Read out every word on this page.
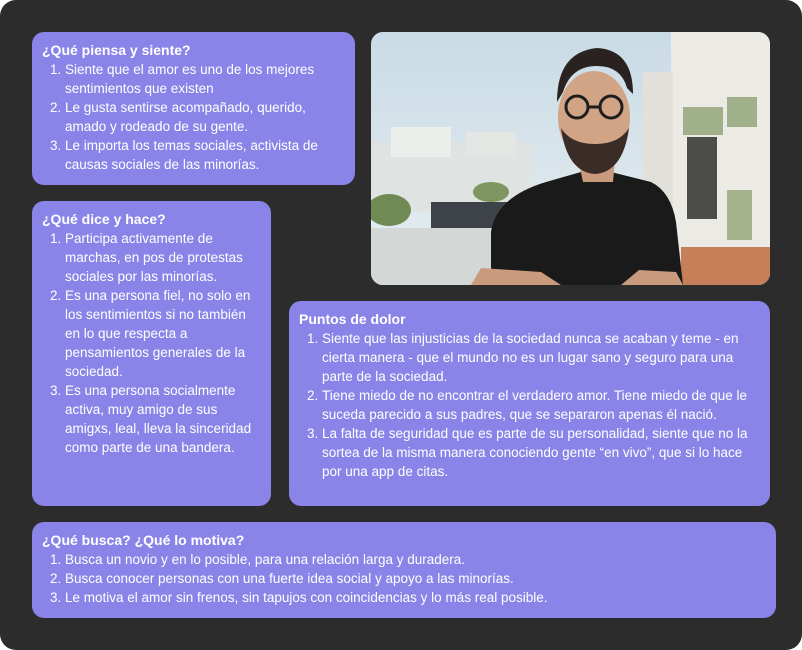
¿Qué piensa y siente?
1. Siente que el amor es uno de los mejores sentimientos que existen
2. Le gusta sentirse acompañado, querido, amado y rodeado de su gente.
3. Le importa los temas sociales, activista de causas sociales de las minorías.
¿Qué dice y hace?
1. Participa activamente de marchas, en pos de protestas sociales por las minorías.
2. Es una persona fiel, no solo en los sentimientos si no también en lo que respecta a pensamientos generales de la sociedad.
3. Es una persona socialmente activa, muy amigo de sus amigxs, leal, lleva la sinceridad como parte de una bandera.
Puntos de dolor
1. Siente que las injusticias de la sociedad nunca se acaban y teme - en cierta manera - que el mundo no es un lugar sano y seguro para una parte de la sociedad.
2. Tiene miedo de no encontrar el verdadero amor. Tiene miedo de que le suceda parecido a sus padres, que se separaron apenas él nació.
3. La falta de seguridad que es parte de su personalidad, siente que no la sortea de la misma manera conociendo gente “en vivo”, que si lo hace por una app de citas.
¿Qué busca? ¿Qué lo motiva?
1. Busca un novio y en lo posible, para una relación larga y duradera.
2. Busca conocer personas con una fuerte idea social y apoyo a las minorías.
3. Le motiva el amor sin frenos, sin tapujos con coincidencias y lo más real posible.
